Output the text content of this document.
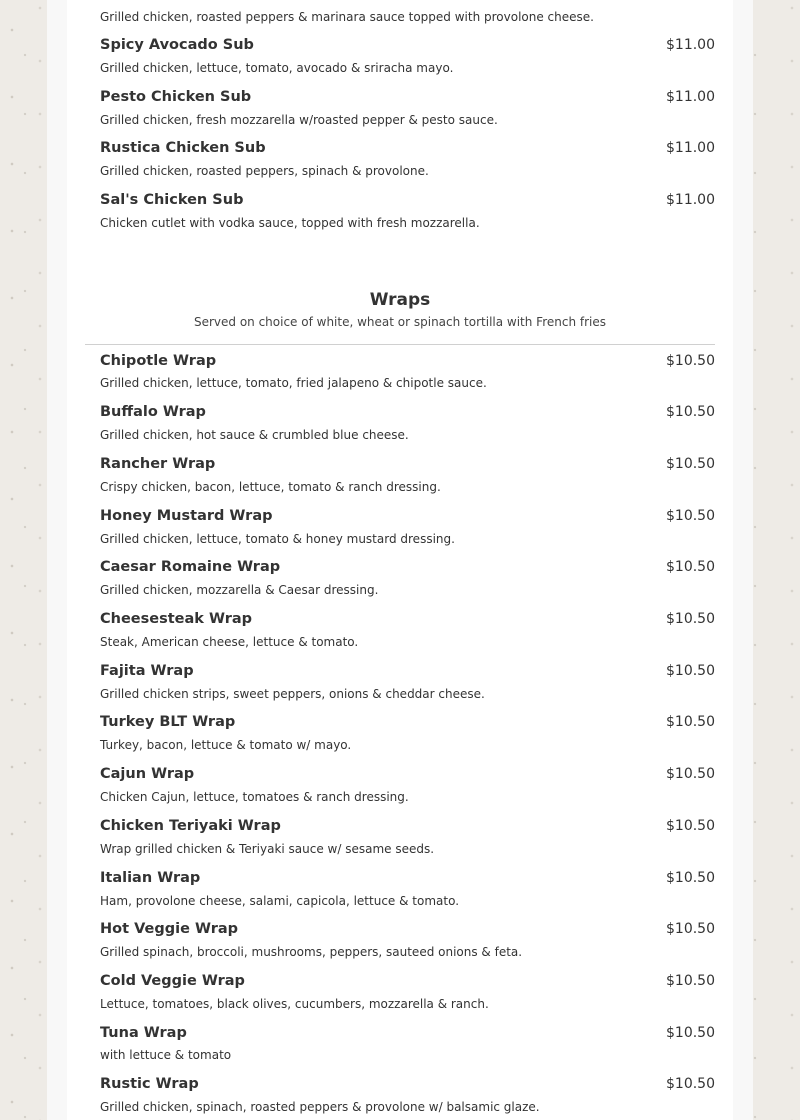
Grilled chicken, roasted peppers & marinara sauce topped with provolone cheese.
Spicy Avocado Sub	$11.00
Grilled chicken, lettuce, tomato, avocado & sriracha mayo.
Pesto Chicken Sub	$11.00
Grilled chicken, fresh mozzarella w/roasted pepper & pesto sauce.
Rustica Chicken Sub	$11.00
Grilled chicken, roasted peppers, spinach & provolone.
Sal's Chicken Sub	$11.00
Chicken cutlet with vodka sauce, topped with fresh mozzarella.
Wraps
Served on choice of white, wheat or spinach tortilla with French fries
Chipotle Wrap	$10.50
Grilled chicken, lettuce, tomato, fried jalapeno & chipotle sauce.
Buffalo Wrap	$10.50
Grilled chicken, hot sauce & crumbled blue cheese.
Rancher Wrap	$10.50
Crispy chicken, bacon, lettuce, tomato & ranch dressing.
Honey Mustard Wrap	$10.50
Grilled chicken, lettuce, tomato & honey mustard dressing.
Caesar Romaine Wrap	$10.50
Grilled chicken, mozzarella & Caesar dressing.
Cheesesteak Wrap	$10.50
Steak, American cheese, lettuce & tomato.
Fajita Wrap	$10.50
Grilled chicken strips, sweet peppers, onions & cheddar cheese.
Turkey BLT Wrap	$10.50
Turkey, bacon, lettuce & tomato w/ mayo.
Cajun Wrap	$10.50
Chicken Cajun, lettuce, tomatoes & ranch dressing.
Chicken Teriyaki Wrap	$10.50
Wrap grilled chicken & Teriyaki sauce w/ sesame seeds.
Italian Wrap	$10.50
Ham, provolone cheese, salami, capicola, lettuce & tomato.
Hot Veggie Wrap	$10.50
Grilled spinach, broccoli, mushrooms, peppers, sauteed onions & feta.
Cold Veggie Wrap	$10.50
Lettuce, tomatoes, black olives, cucumbers, mozzarella & ranch.
Tuna Wrap	$10.50
with lettuce & tomato
Rustic Wrap	$10.50
Grilled chicken, spinach, roasted peppers & provolone w/ balsamic glaze.
